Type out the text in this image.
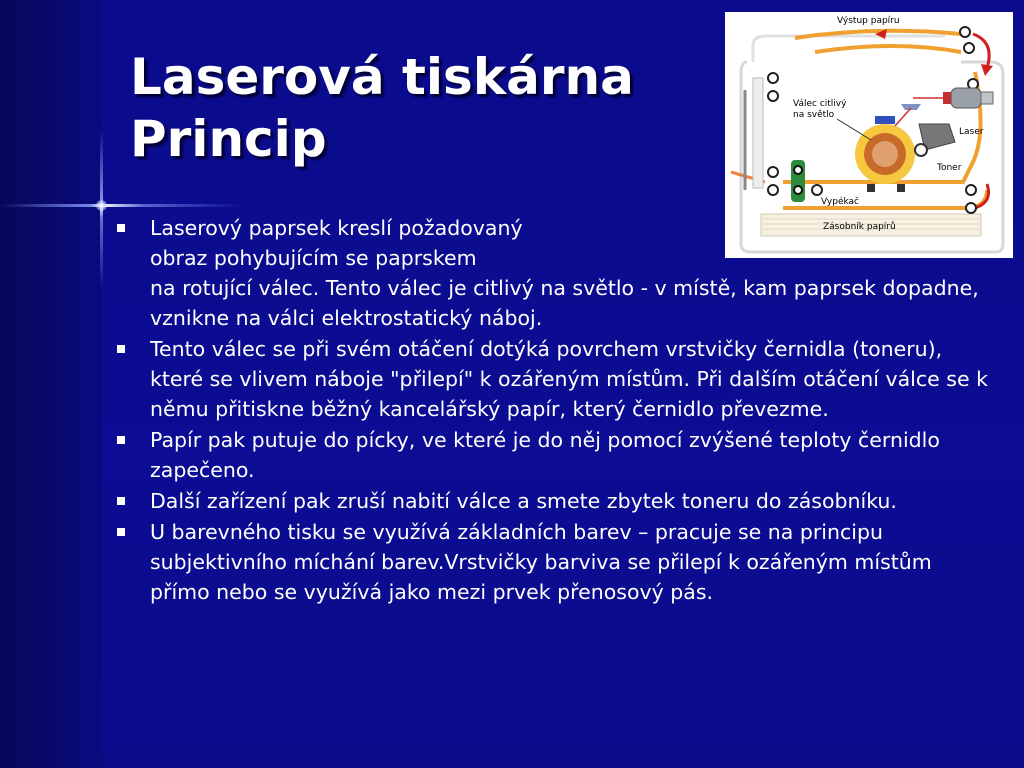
Laserová tiskárna
Princip
Výstup papíru
Válec citlivý
na světlo
Laser
Toner
Vypékač
Zásobník papírů
Laserový paprsek kreslí požadovaný
obraz pohybujícím se paprskem
na rotující válec. Tento válec je citlivý na světlo - v místě, kam paprsek dopadne, vznikne na válci elektrostatický náboj.
Tento válec se při svém otáčení dotýká povrchem vrstvičky černidla (toneru), které se vlivem náboje "přilepí" k ozářeným místům. Při dalším otáčení válce se k němu přitiskne běžný kancelářský papír, který černidlo převezme.
Papír pak putuje do pícky, ve které je do něj pomocí zvýšené teploty černidlo zapečeno.
Další zařízení pak zruší nabití válce a smete zbytek toneru do zásobníku.
U barevného tisku se využívá základních barev – pracuje se na principu subjektivního míchání barev.Vrstvičky barviva se přilepí k ozářeným místům přímo nebo se využívá jako mezi prvek přenosový pás.
